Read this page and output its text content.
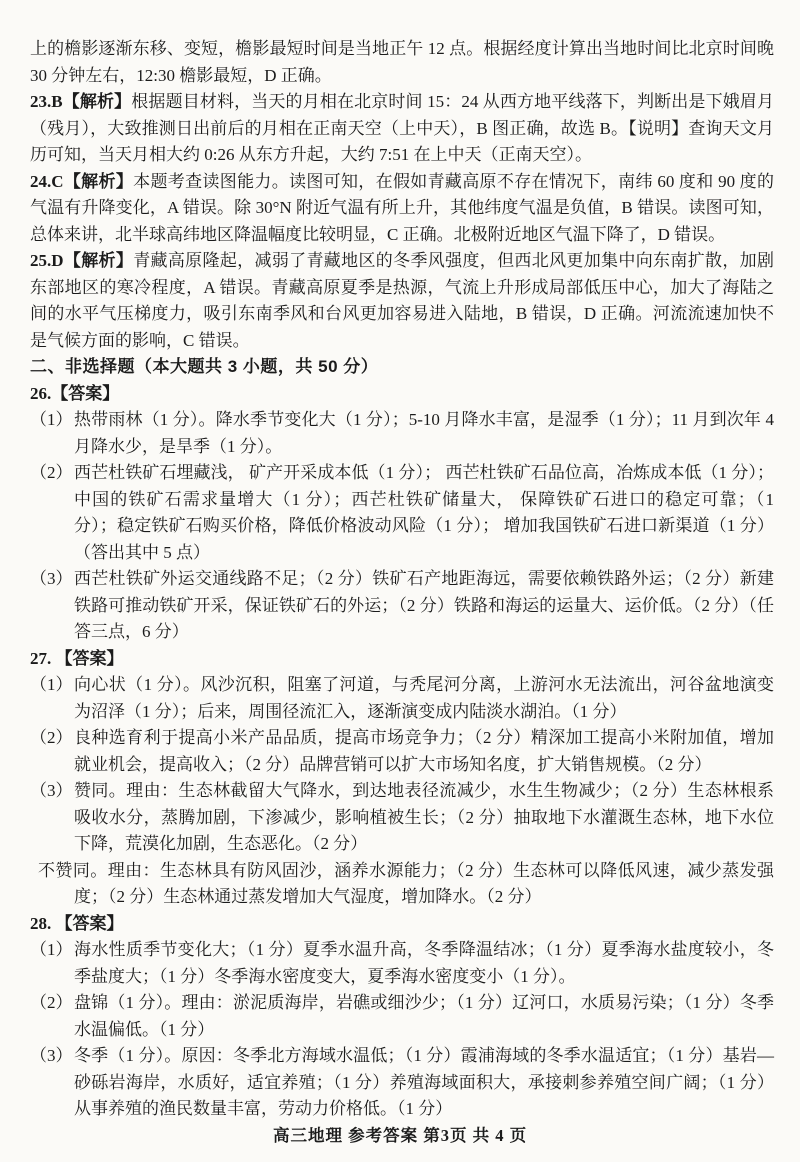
上的檐影逐渐东移、变短，檐影最短时间是当地正午 12 点。根据经度计算出当地时间比北京时间晚 30 分钟左右，12:30 檐影最短，D 正确。

23.B【解析】根据题目材料，当天的月相在北京时间 15：24 从西方地平线落下，判断出是下娥眉月（残月），大致推测日出前后的月相在正南天空（上中天），B 图正确，故选 B。【说明】查询天文月历可知，当天月相大约 0:26 从东方升起，大约 7:51 在上中天（正南天空）。

24.C【解析】本题考查读图能力。读图可知，在假如青藏高原不存在情况下，南纬 60 度和 90 度的气温有升降变化，A 错误。除 30°N 附近气温有所上升，其他纬度气温是负值，B 错误。读图可知，总体来讲，北半球高纬地区降温幅度比较明显，C 正确。北极附近地区气温下降了，D 错误。

25.D【解析】青藏高原隆起，减弱了青藏地区的冬季风强度，但西北风更加集中向东南扩散，加剧东部地区的寒冷程度，A 错误。青藏高原夏季是热源，气流上升形成局部低压中心，加大了海陆之间的水平气压梯度力，吸引东南季风和台风更加容易进入陆地，B 错误，D 正确。河流流速加快不是气候方面的影响，C 错误。

二、非选择题（本大题共 3 小题，共 50 分）

26.【答案】

（1） 热带雨林（1 分）。降水季节变化大（1 分）；5-10 月降水丰富，是湿季（1 分）；11 月到次年 4 月降水少，是旱季（1 分）。
（2） 西芒杜铁矿石埋藏浅， 矿产开采成本低（1 分）； 西芒杜铁矿石品位高，冶炼成本低（1 分）；中国的铁矿石需求量增大（1 分）；西芒杜铁矿储量大， 保障铁矿石进口的稳定可靠；（1 分）；稳定铁矿石购买价格，降低价格波动风险（1 分）； 增加我国铁矿石进口新渠道（1 分）（答出其中 5 点）
（3） 西芒杜铁矿外运交通线路不足；（2 分）铁矿石产地距海远，需要依赖铁路外运；（2 分）新建铁路可推动铁矿开采，保证铁矿石的外运；（2 分）铁路和海运的运量大、运价低。（2 分）（任答三点，6 分）

27. 【答案】

（1） 向心状（1 分）。风沙沉积，阻塞了河道，与秃尾河分离，上游河水无法流出，河谷盆地演变为沼泽（1 分）；后来，周围径流汇入，逐渐演变成内陆淡水湖泊。（1 分）
（2） 良种选育利于提高小米产品品质，提高市场竞争力；（2 分）精深加工提高小米附加值，增加就业机会，提高收入；（2 分）品牌营销可以扩大市场知名度，扩大销售规模。（2 分）
（3） 赞同。理由：生态林截留大气降水，到达地表径流减少，水生生物减少；（2 分）生态林根系吸收水分，蒸腾加剧，下渗减少，影响植被生长；（2 分）抽取地下水灌溉生态林，地下水位下降，荒漠化加剧，生态恶化。（2 分）

不赞同。理由：生态林具有防风固沙，涵养水源能力；（2 分）生态林可以降低风速，减少蒸发强度；（2 分）生态林通过蒸发增加大气湿度，增加降水。（2 分）

28. 【答案】

（1） 海水性质季节变化大；（1 分）夏季水温升高，冬季降温结冰；（1 分）夏季海水盐度较小，冬季盐度大；（1 分）冬季海水密度变大，夏季海水密度变小（1 分）。
（2） 盘锦（1 分）。理由：淤泥质海岸，岩礁或细沙少；（1 分）辽河口，水质易污染；（1 分）冬季水温偏低。（1 分）
（3） 冬季（1 分）。原因：冬季北方海域水温低；（1 分）霞浦海域的冬季水温适宜；（1 分）基岩—砂砾岩海岸，水质好，适宜养殖；（1 分）养殖海域面积大，承接刺参养殖空间广阔；（1 分）从事养殖的渔民数量丰富，劳动力价格低。（1 分）
高三地理 参考答案 第3页 共 4 页
